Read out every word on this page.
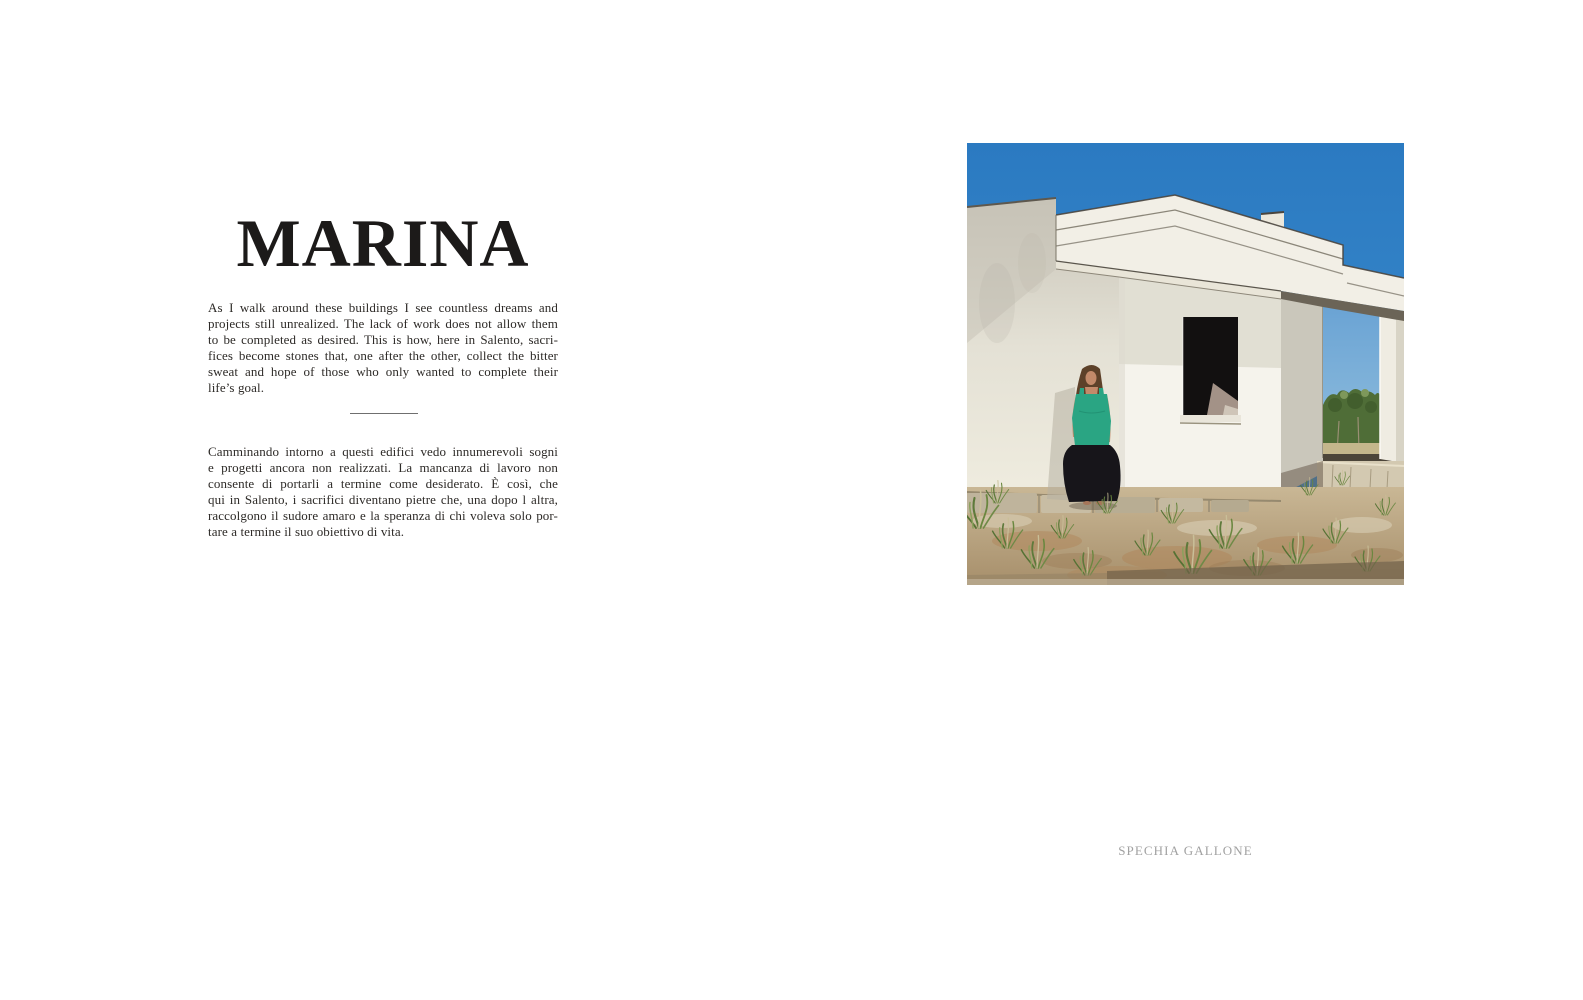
MARINA
As I walk around these buildings I see countless dreams and
projects still unrealized. The lack of work does not allow them
to be completed as desired. This is how, here in Salento, sacri-
fices become stones that, one after the other, collect the bitter
sweat and hope of those who only wanted to complete their
life’s goal.
Camminando intorno a questi edifici vedo innumerevoli sogni
e progetti ancora non realizzati. La mancanza di lavoro non
consente di portarli a termine come desiderato. È così, che
qui in Salento, i sacrifici diventano pietre che, una dopo l altra,
raccolgono il sudore amaro e la speranza di chi voleva solo por-
tare a termine il suo obiettivo di vita.
SPECHIA GALLONE
